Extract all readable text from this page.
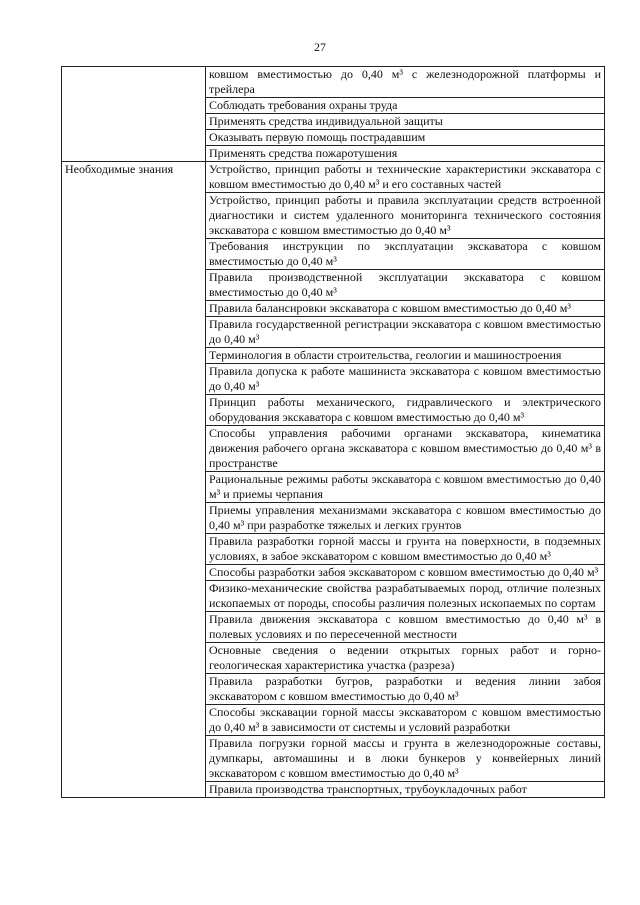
27
	ковшом вместимостью до 0,40 м³ с железнодорожной платформы и трейлера
	Соблюдать требования охраны труда
	Применять средства индивидуальной защиты
	Оказывать первую помощь пострадавшим
	Применять средства пожаротушения

Необходимые знания	Устройство, принцип работы и технические характеристики экскаватора с ковшом вместимостью до 0,40 м³ и его составных частей
	Устройство, принцип работы и правила эксплуатации средств встроенной диагностики и систем удаленного мониторинга технического состояния экскаватора с ковшом вместимостью до 0,40 м³
	Требования инструкции по эксплуатации экскаватора с ковшом вместимостью до 0,40 м³
	Правила производственной эксплуатации экскаватора с ковшом вместимостью до 0,40 м³
	Правила балансировки экскаватора с ковшом вместимостью до 0,40 м³
	Правила государственной регистрации экскаватора с ковшом вместимостью до 0,40 м³
	Терминология в области строительства, геологии и машиностроения
	Правила допуска к работе машиниста экскаватора с ковшом вместимостью до 0,40 м³
	Принцип работы механического, гидравлического и электрического оборудования экскаватора с ковшом вместимостью до 0,40 м³
	Способы управления рабочими органами экскаватора, кинематика движения рабочего органа экскаватора с ковшом вместимостью до 0,40 м³ в пространстве
	Рациональные режимы работы экскаватора с ковшом вместимостью до 0,40 м³ и приемы черпания
	Приемы управления механизмами экскаватора с ковшом вместимостью до 0,40 м³ при разработке тяжелых и легких грунтов
	Правила разработки горной массы и грунта на поверхности, в подземных условиях, в забое экскаватором с ковшом вместимостью до 0,40 м³
	Способы разработки забоя экскаватором с ковшом вместимостью до 0,40 м³
	Физико-механические свойства разрабатываемых пород, отличие полезных ископаемых от породы, способы различия полезных ископаемых по сортам
	Правила движения экскаватора с ковшом вместимостью до 0,40 м³ в полевых условиях и по пересеченной местности
	Основные сведения о ведении открытых горных работ и горно-геологическая характеристика участка (разреза)
	Правила разработки бугров, разработки и ведения линии забоя экскаватором с ковшом вместимостью до 0,40 м³
	Способы экскавации горной массы экскаватором с ковшом вместимостью до 0,40 м³ в зависимости от системы и условий разработки
	Правила погрузки горной массы и грунта в железнодорожные составы, думпкары, автомашины и в люки бункеров у конвейерных линий экскаватором с ковшом вместимостью до 0,40 м³
	Правила производства транспортных, трубоукладочных работ
